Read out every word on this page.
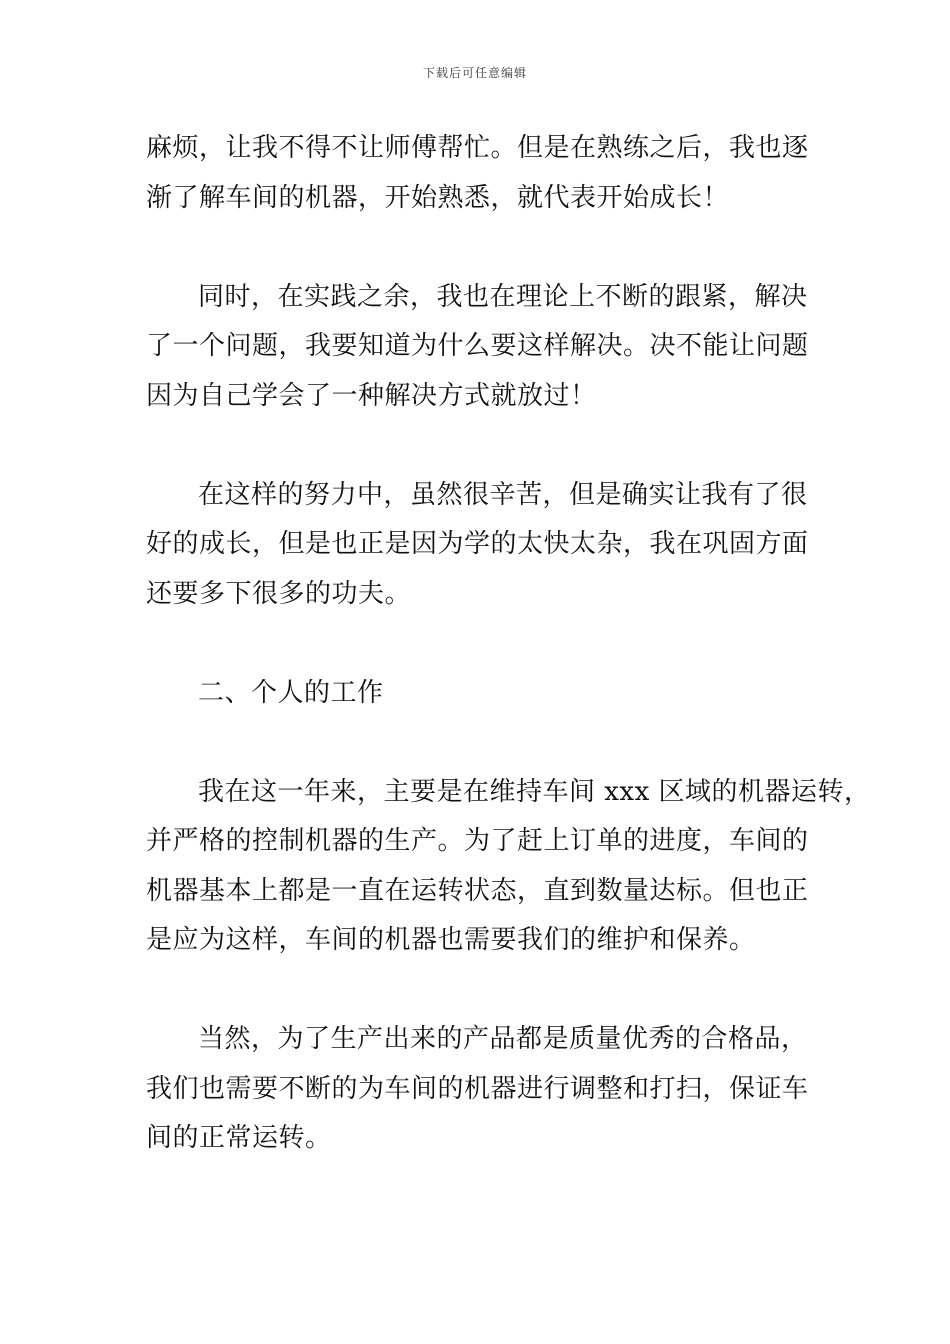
下载后可任意编辑
麻烦，让我不得不让师傅帮忙。但是在熟练之后，我也逐
渐了解车间的机器，开始熟悉，就代表开始成长！
同时，在实践之余，我也在理论上不断的跟紧，解决
了一个问题，我要知道为什么要这样解决。决不能让问题
因为自己学会了一种解决方式就放过！
在这样的努力中，虽然很辛苦，但是确实让我有了很
好的成长，但是也正是因为学的太快太杂，我在巩固方面
还要多下很多的功夫。
二、个人的工作
我在这一年来，主要是在维持车间 xxx 区域的机器运转，
并严格的控制机器的生产。为了赶上订单的进度，车间的
机器基本上都是一直在运转状态，直到数量达标。但也正
是应为这样，车间的机器也需要我们的维护和保养。
当然，为了生产出来的产品都是质量优秀的合格品，
我们也需要不断的为车间的机器进行调整和打扫，保证车
间的正常运转。
